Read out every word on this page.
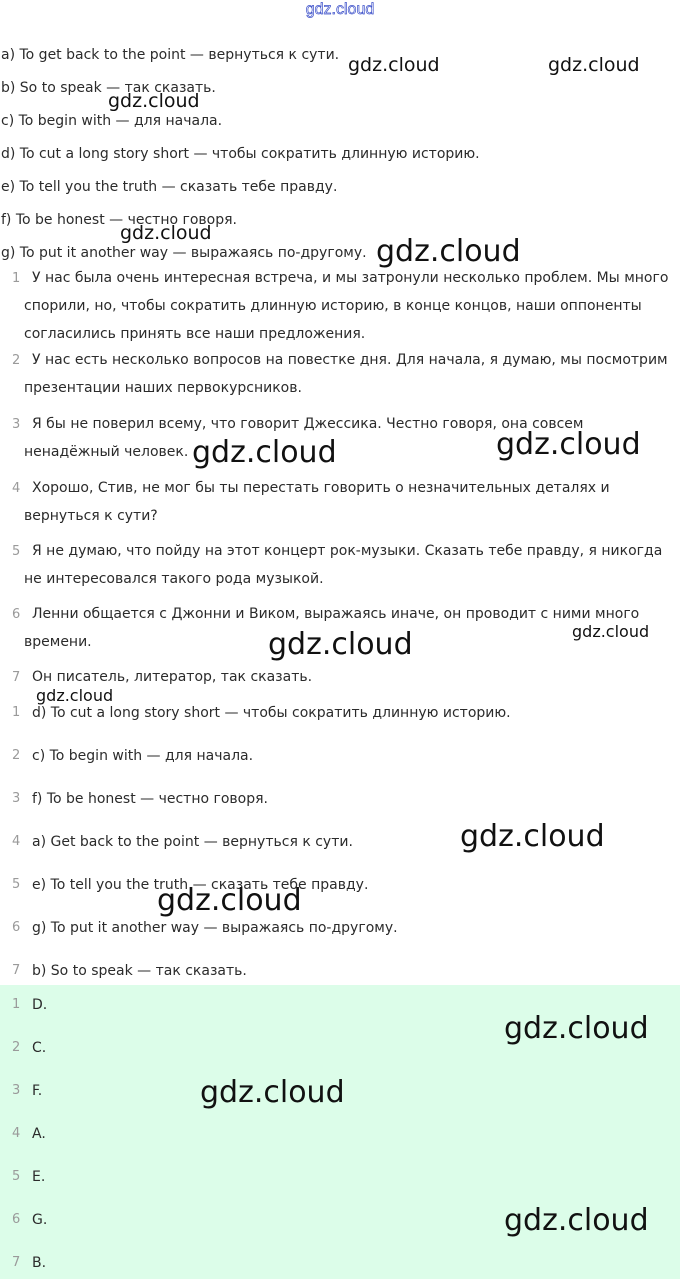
gdz.cloud
a) To get back to the point — вернуться к сути.
b) So to speak — так сказать.
c) To begin with — для начала.
d) To cut a long story short — чтобы сократить длинную историю.
e) To tell you the truth — сказать тебе правду.
f) To be honest — честно говоря.
g) To put it another way — выражаясь по-другому.
1 У нас была очень интересная встреча, и мы затронули несколько проблем. Мы много спорили, но, чтобы сократить длинную историю, в конце концов, наши оппоненты согласились принять все наши предложения.
2 У нас есть несколько вопросов на повестке дня. Для начала, я думаю, мы посмотрим презентации наших первокурсников.
3 Я бы не поверил всему, что говорит Джессика. Честно говоря, она совсем ненадёжный человек.
4 Хорошо, Стив, не мог бы ты перестать говорить о незначительных деталях и вернуться к сути?
5 Я не думаю, что пойду на этот концерт рок-музыки. Сказать тебе правду, я никогда не интересовался такого рода музыкой.
6 Ленни общается с Джонни и Виком, выражаясь иначе, он проводит с ними много времени.
7 Он писатель, литератор, так сказать.
1 d) To cut a long story short — чтобы сократить длинную историю.
2 c) To begin with — для начала.
3 f) To be honest — честно говоря.
4 a) Get back to the point — вернуться к сути.
5 e) To tell you the truth — сказать тебе правду.
6 g) To put it another way — выражаясь по-другому.
7 b) So to speak — так сказать.
1 D.
2 C.
3 F.
4 A.
5 E.
6 G.
7 B.
gdz.cloud	gdz.cloud
gdz.cloud
gdz.cloud
gdz.cloud
gdz.cloud
gdz.cloud
gdz.cloud
gdz.cloud
gdz.cloud
gdz.cloud
gdz.cloud
gdz.cloud
gdz.cloud
gdz.cloud
